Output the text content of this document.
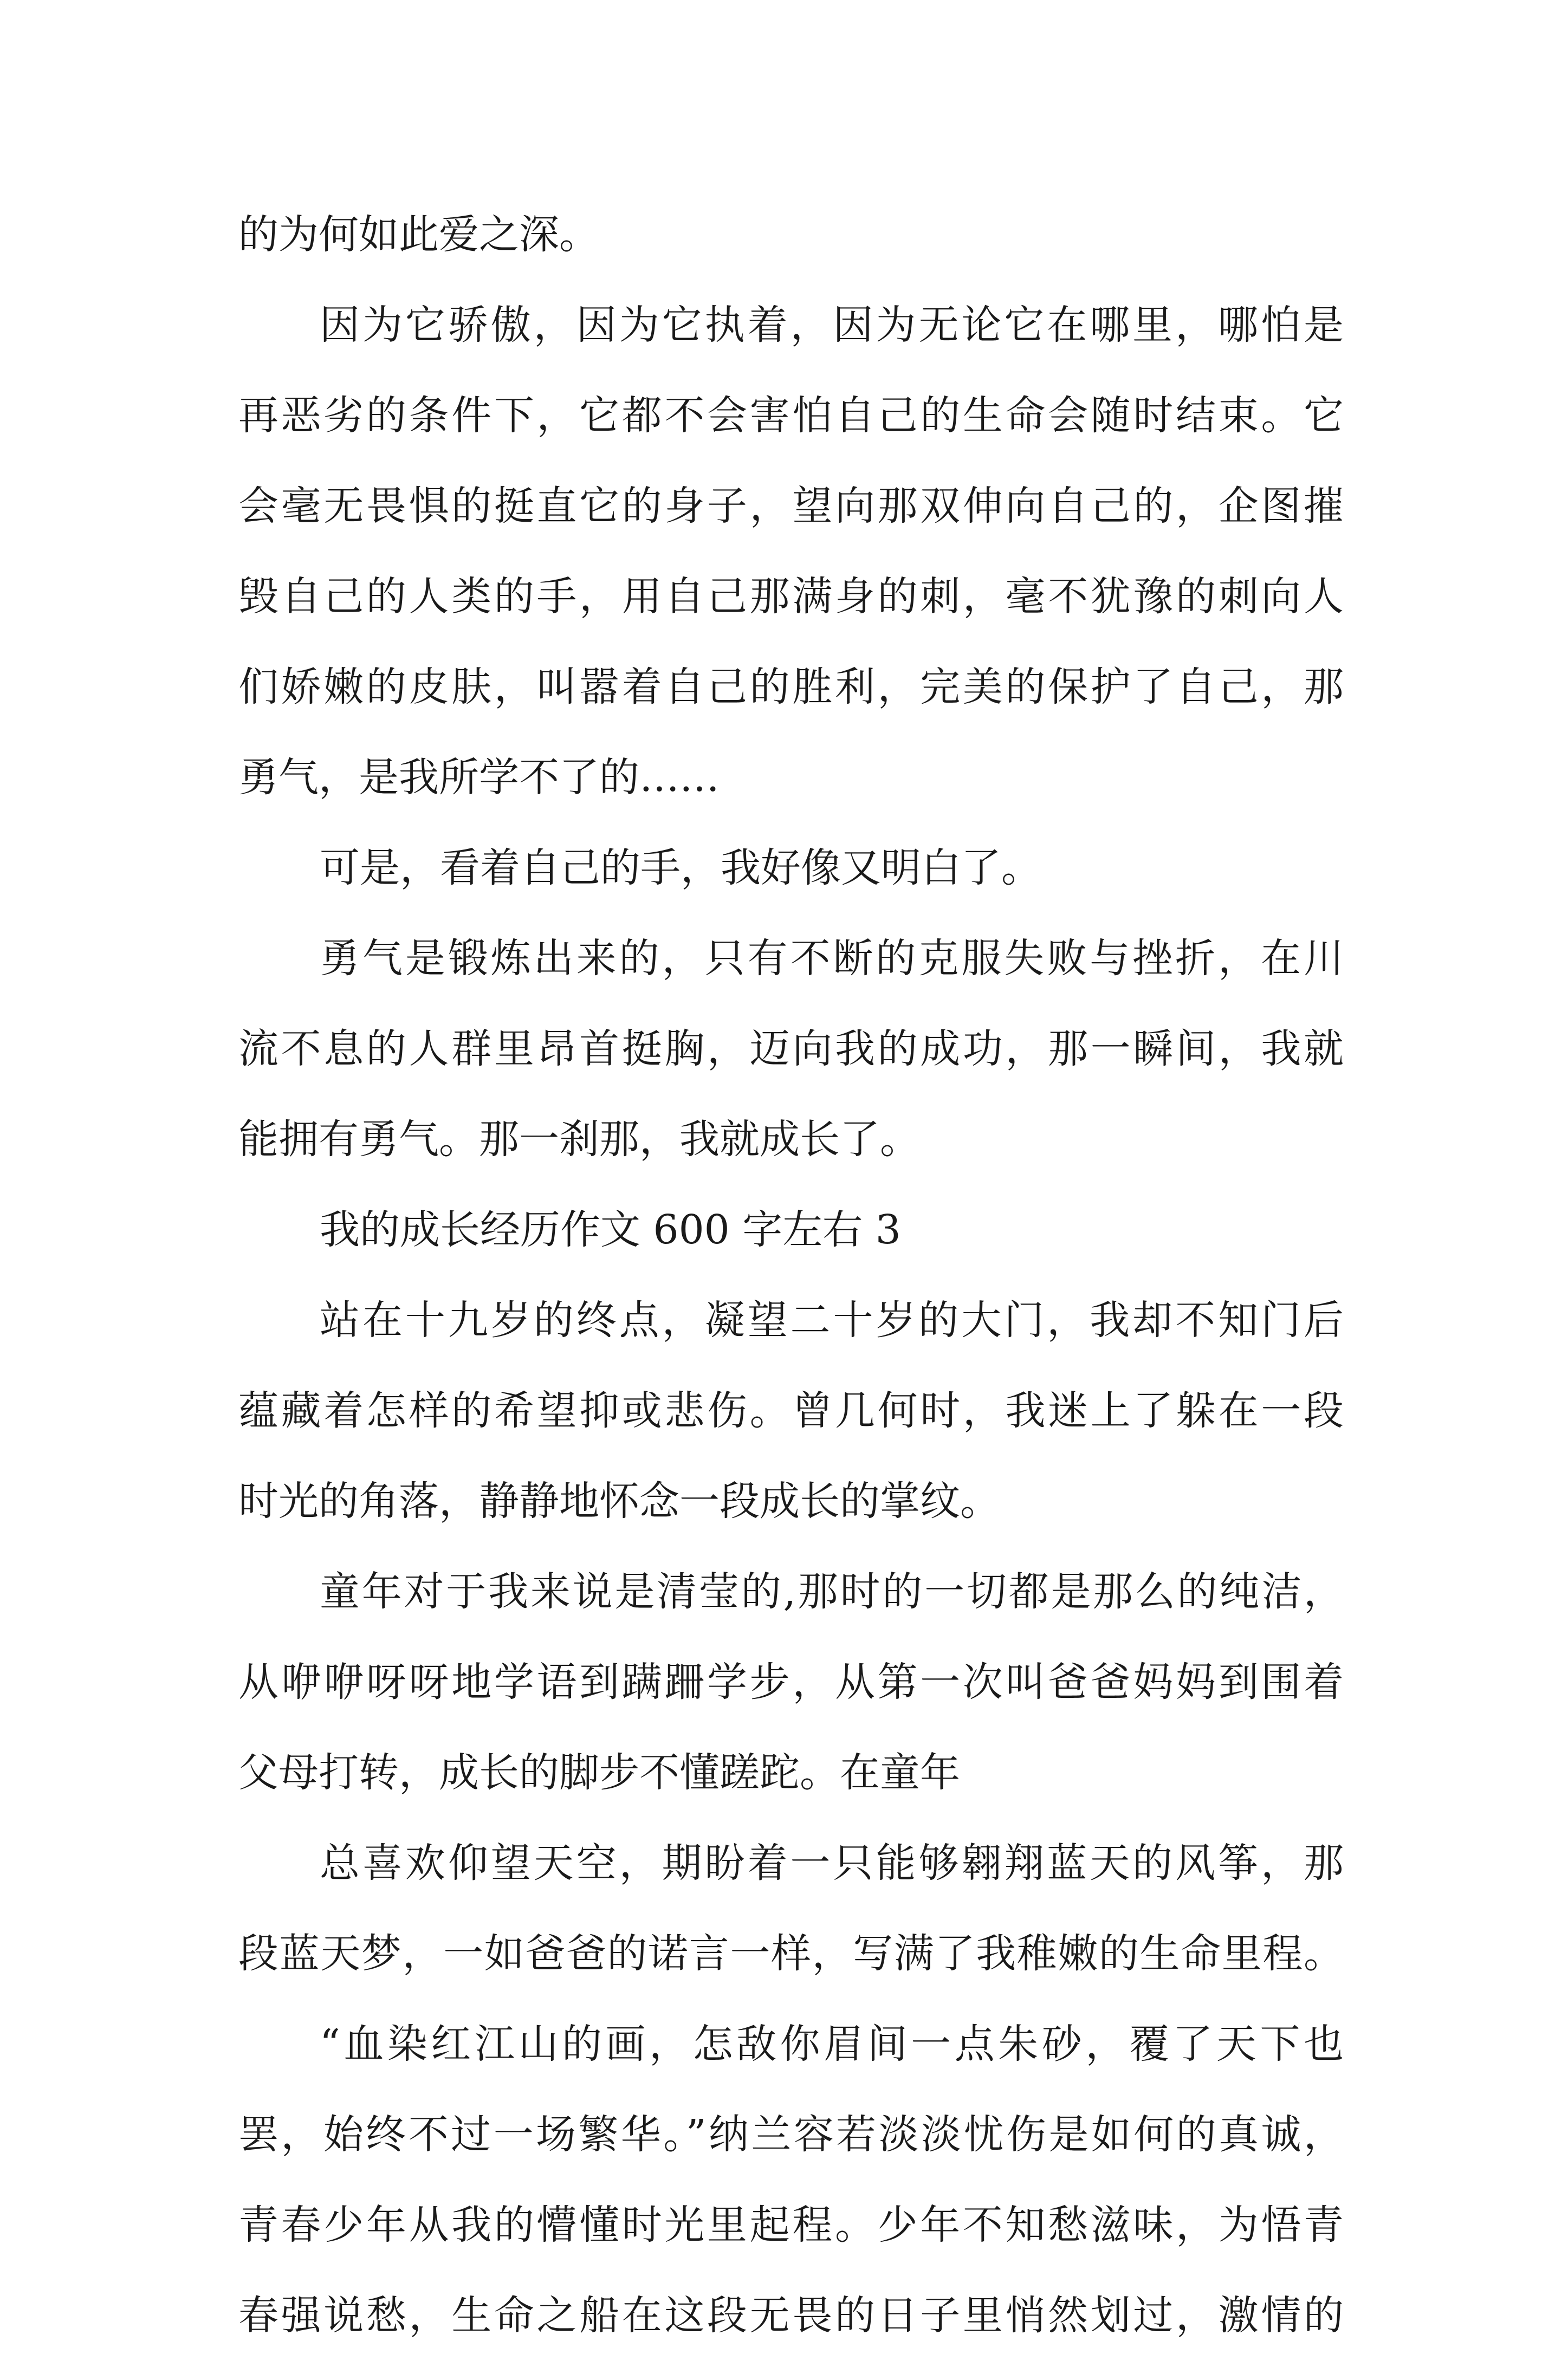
的为何如此爱之深。
因为它骄傲，因为它执着，因为无论它在哪里，哪怕是
再恶劣的条件下，它都不会害怕自己的生命会随时结束。它
会毫无畏惧的挺直它的身子，望向那双伸向自己的，企图摧
毁自己的人类的手，用自己那满身的刺，毫不犹豫的刺向人
们娇嫩的皮肤，叫嚣着自己的胜利，完美的保护了自己，那
勇气，是我所学不了的……
可是，看着自己的手，我好像又明白了。
勇气是锻炼出来的，只有不断的克服失败与挫折，在川
流不息的人群里昂首挺胸，迈向我的成功，那一瞬间，我就
能拥有勇气。那一刹那，我就成长了。
我的成长经历作文 600 字左右 3
站在十九岁的终点，凝望二十岁的大门，我却不知门后
蕴藏着怎样的希望抑或悲伤。曾几何时，我迷上了躲在一段
时光的角落，静静地怀念一段成长的掌纹。
童年对于我来说是清莹的,那时的一切都是那么的纯洁，
从咿咿呀呀地学语到蹒跚学步，从第一次叫爸爸妈妈到围着
父母打转，成长的脚步不懂蹉跎。在童年
总喜欢仰望天空，期盼着一只能够翱翔蓝天的风筝，那
段蓝天梦，一如爸爸的诺言一样，写满了我稚嫩的生命里程。
“血染红江山的画，怎敌你眉间一点朱砂，覆了天下也
罢，始终不过一场繁华。”纳兰容若淡淡忧伤是如何的真诚，
青春少年从我的懵懂时光里起程。少年不知愁滋味，为悟青
春强说愁，生命之船在这段无畏的日子里悄然划过，激情的
